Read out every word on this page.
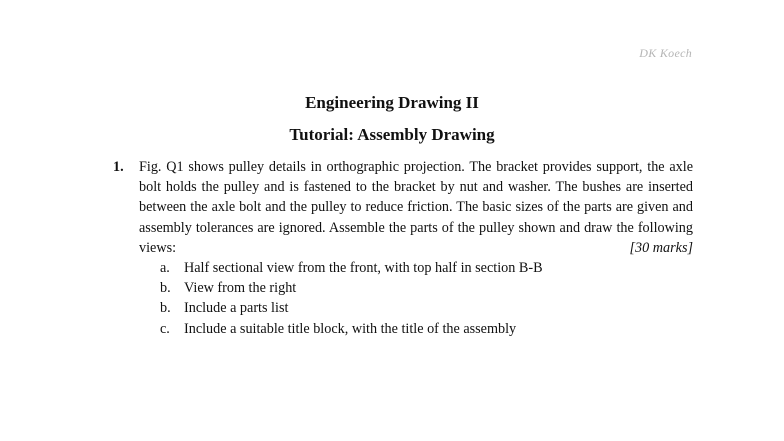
DK Koech
Engineering Drawing II
Tutorial: Assembly Drawing
1. Fig. Q1 shows pulley details in orthographic projection. The bracket provides support, the axle bolt holds the pulley and is fastened to the bracket by nut and washer. The bushes are inserted between the axle bolt and the pulley to reduce friction. The basic sizes of the parts are given and assembly tolerances are ignored. Assemble the parts of the pulley shown and draw the following views:	[30 marks]
a. Half sectional view from the front, with top half in section B-B
b. View from the right
b. Include a parts list
c. Include a suitable title block, with the title of the assembly
